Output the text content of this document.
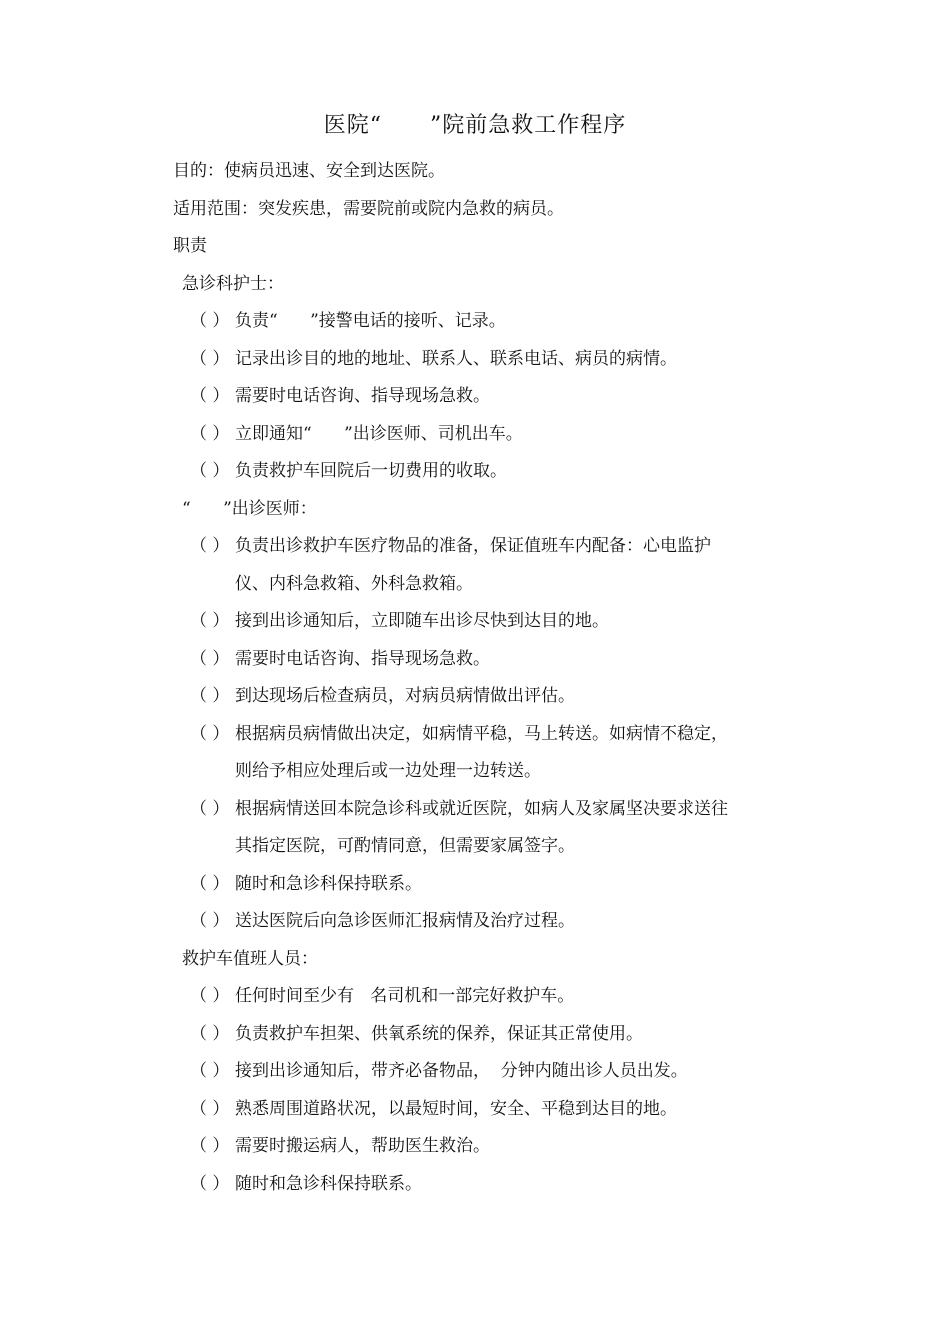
医院“      ”院前急救工作程序
目的：使病员迅速、安全到达医院。
适用范围：突发疾患，需要院前或院内急救的病员。
职责
急诊科护士：
（ ） 负责“      ”接警电话的接听、记录。
（ ） 记录出诊目的地的地址、联系人、联系电话、病员的病情。
（ ） 需要时电话咨询、指导现场急救。
（ ） 立即通知“      ”出诊医师、司机出车。
（ ） 负责救护车回院后一切费用的收取。
“      ”出诊医师：
（ ） 负责出诊救护车医疗物品的准备，保证值班车内配备：心电监护
仪、内科急救箱、外科急救箱。
（ ） 接到出诊通知后，立即随车出诊尽快到达目的地。
（ ） 需要时电话咨询、指导现场急救。
（ ） 到达现场后检查病员，对病员病情做出评估。
（ ） 根据病员病情做出决定，如病情平稳，马上转送。如病情不稳定，
则给予相应处理后或一边处理一边转送。
（ ） 根据病情送回本院急诊科或就近医院，如病人及家属坚决要求送往
其指定医院，可酌情同意，但需要家属签字。
（ ） 随时和急诊科保持联系。
（ ） 送达医院后向急诊医师汇报病情及治疗过程。
救护车值班人员：
（ ） 任何时间至少有   名司机和一部完好救护车。
（ ） 负责救护车担架、供氧系统的保养，保证其正常使用。
（ ） 接到出诊通知后，带齐必备物品，  分钟内随出诊人员出发。
（ ） 熟悉周围道路状况，以最短时间，安全、平稳到达目的地。
（ ） 需要时搬运病人，帮助医生救治。
（ ） 随时和急诊科保持联系。
